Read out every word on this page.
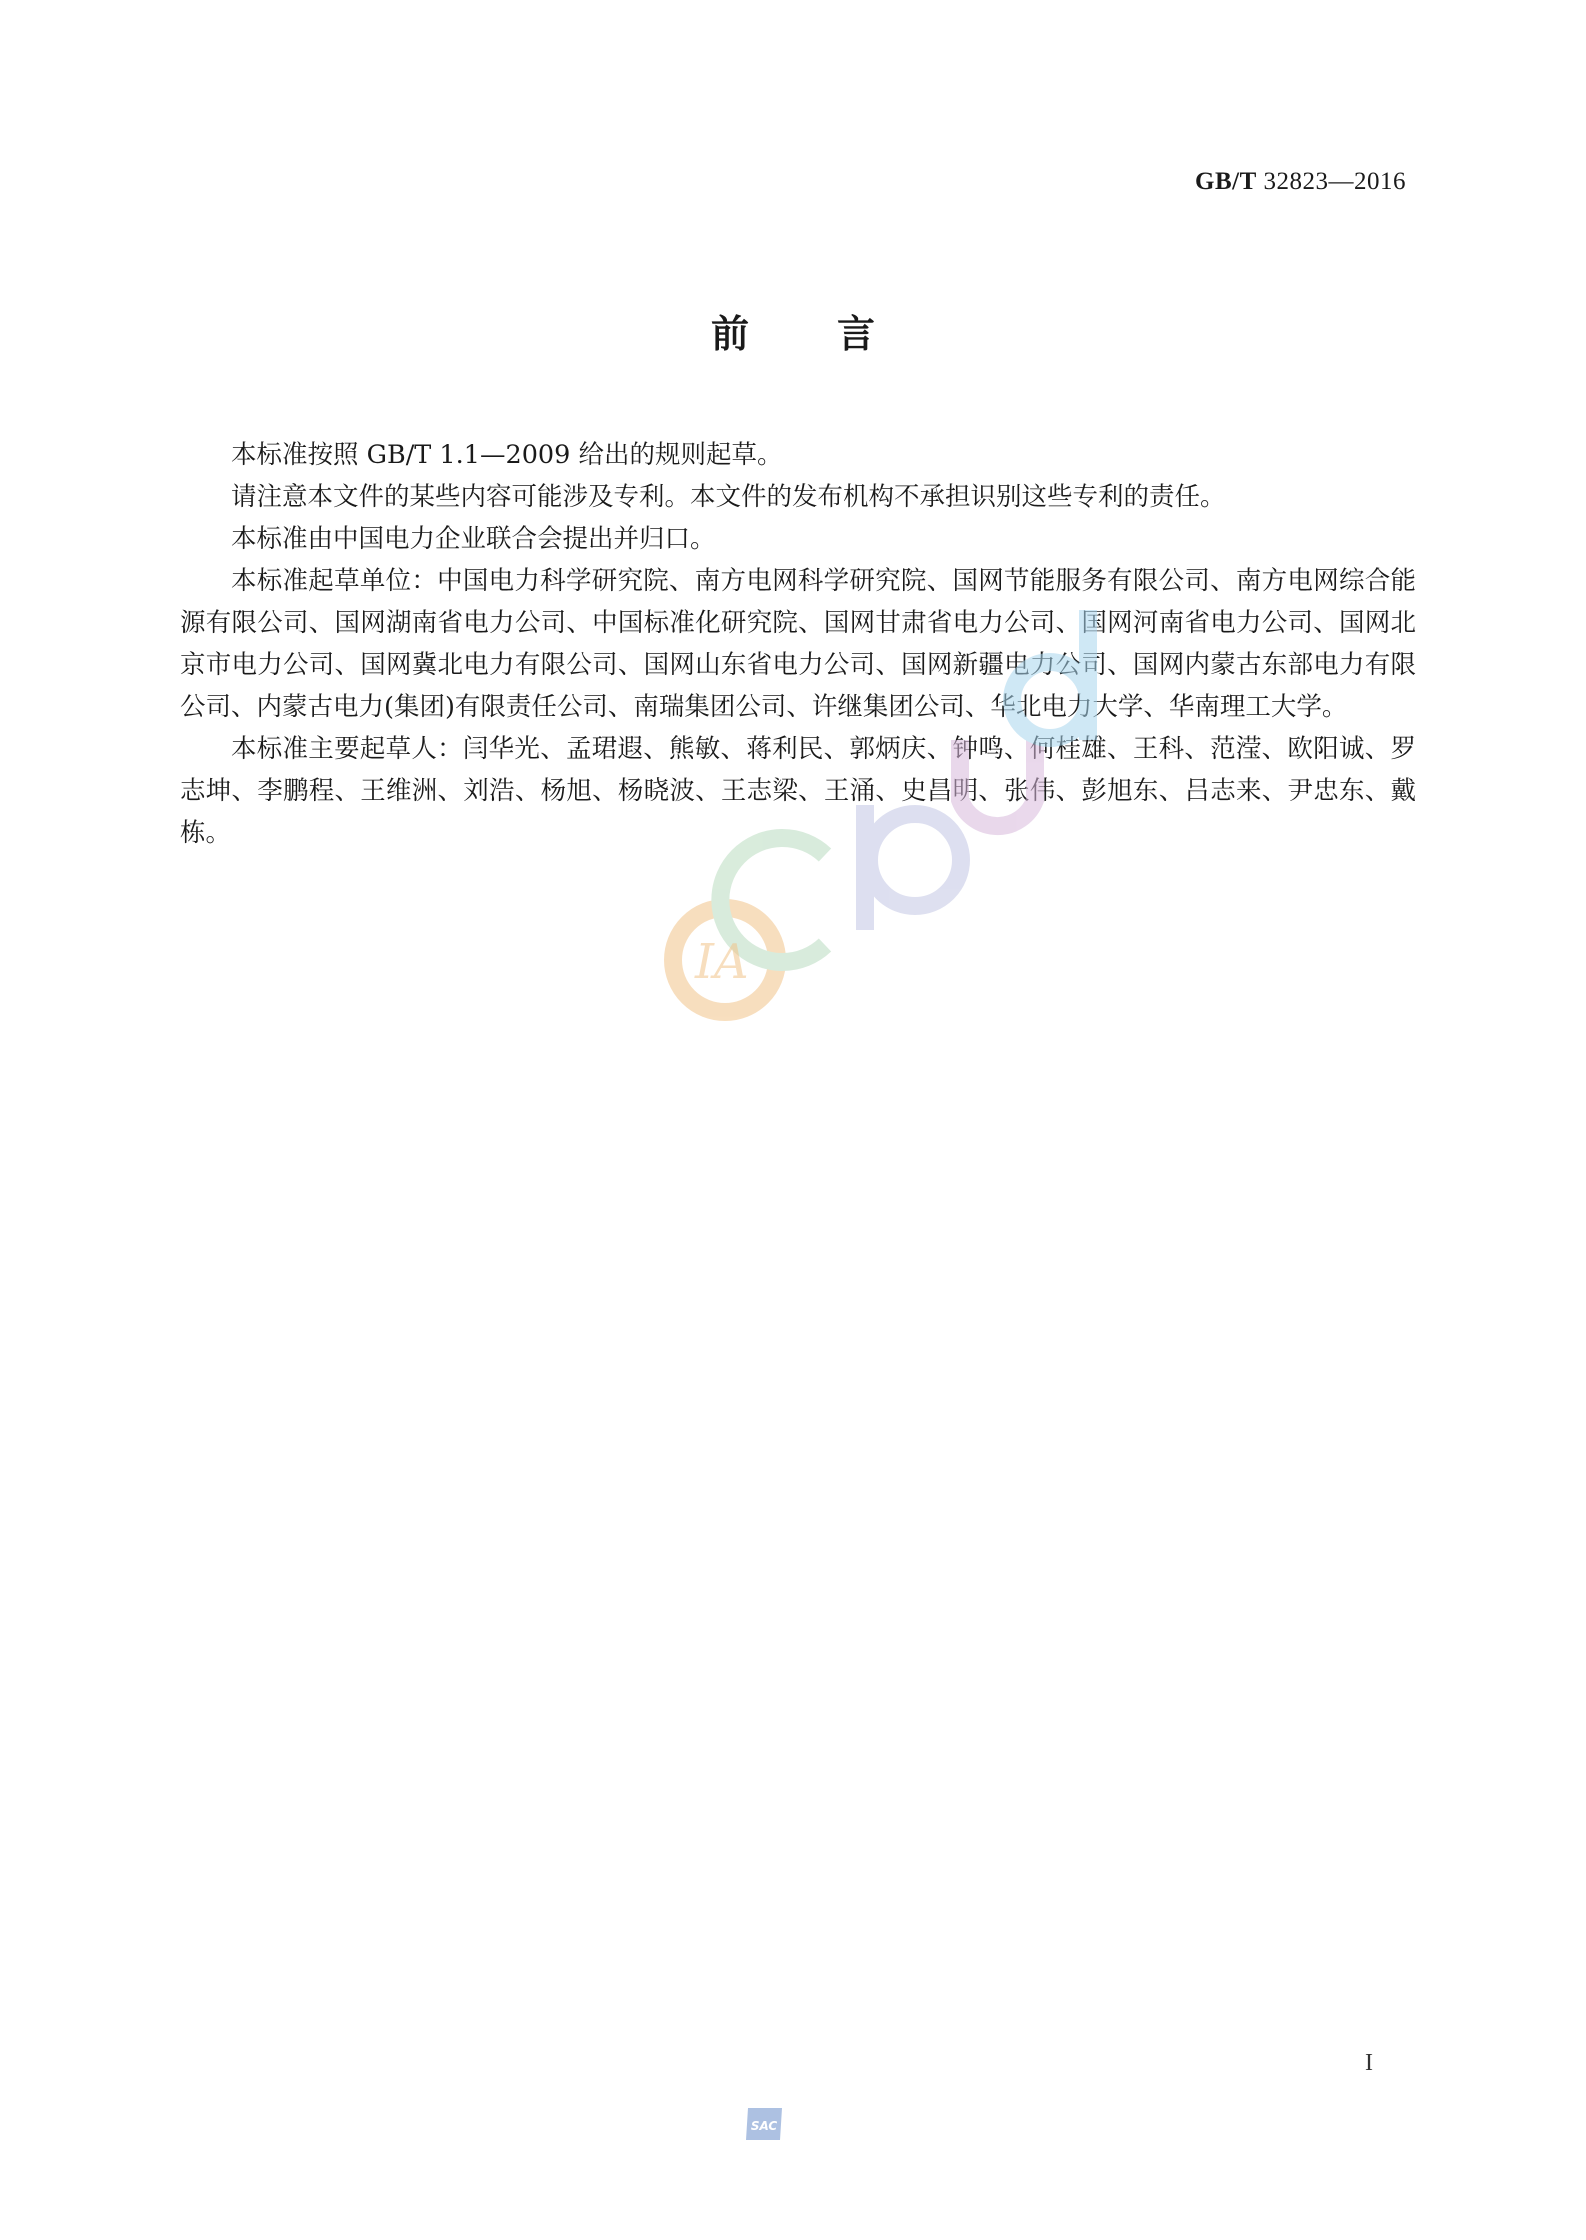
GB/T 32823—2016
前言

本标准按照 GB/T 1.1—2009 给出的规则起草。

请注意本文件的某些内容可能涉及专利。本文件的发布机构不承担识别这些专利的责任。

本标准由中国电力企业联合会提出并归口。

本标准起草单位：中国电力科学研究院、南方电网科学研究院、国网节能服务有限公司、南方电网综合能源有限公司、国网湖南省电力公司、中国标准化研究院、国网甘肃省电力公司、国网河南省电力公司、国网北京市电力公司、国网冀北电力有限公司、国网山东省电力公司、国网新疆电力公司、国网内蒙古东部电力有限公司、内蒙古电力(集团)有限责任公司、南瑞集团公司、许继集团公司、华北电力大学、华南理工大学。

本标准主要起草人：闫华光、孟珺遐、熊敏、蒋利民、郭炳庆、钟鸣、何桂雄、王科、范滢、欧阳诚、罗志坤、李鹏程、王维洲、刘浩、杨旭、杨晓波、王志梁、王涌、史昌明、张伟、彭旭东、吕志来、尹忠东、戴栋。

IA
I
SAC
